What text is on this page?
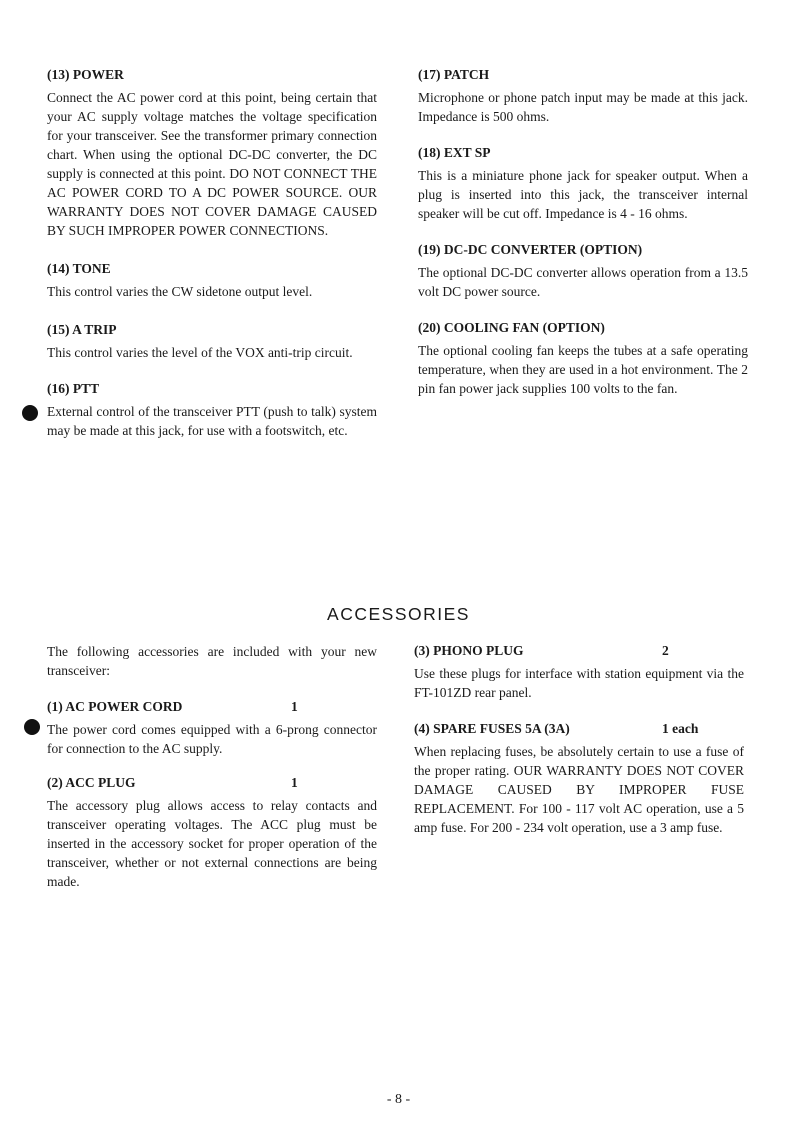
(13) POWER

Connect the AC power cord at this point, being certain that your AC supply voltage matches the voltage specification for your transceiver. See the transformer primary connection chart. When using the optional DC-DC converter, the DC supply is connected at this point. DO NOT CONNECT THE AC POWER CORD TO A DC POWER SOURCE. OUR WARRANTY DOES NOT COVER DAMAGE CAUSED BY SUCH IMPROPER POWER CONNECTIONS.

(14) TONE

This control varies the CW sidetone output level.

(15) A TRIP

This control varies the level of the VOX anti-trip circuit.

(16) PTT

External control of the transceiver PTT (push to talk) system may be made at this jack, for use with a footswitch, etc.

(17) PATCH

Microphone or phone patch input may be made at this jack. Impedance is 500 ohms.

(18) EXT SP

This is a miniature phone jack for speaker output. When a plug is inserted into this jack, the transceiver internal speaker will be cut off. Impedance is 4 - 16 ohms.

(19) DC-DC CONVERTER (OPTION)

The optional DC-DC converter allows operation from a 13.5 volt DC power source.

(20) COOLING FAN (OPTION)

The optional cooling fan keeps the tubes at a safe operating temperature, when they are used in a hot environment. The 2 pin fan power jack supplies 100 volts to the fan.

ACCESSORIES

The following accessories are included with your new transceiver:

(1) AC POWER CORD	1

The power cord comes equipped with a 6-prong connector for connection to the AC supply.

(2) ACC PLUG	1

The accessory plug allows access to relay contacts and transceiver operating voltages. The ACC plug must be inserted in the accessory socket for proper operation of the transceiver, whether or not external connections are being made.

(3) PHONO PLUG	2

Use these plugs for interface with station equipment via the FT-101ZD rear panel.

(4) SPARE FUSES 5A (3A)	1 each

When replacing fuses, be absolutely certain to use a fuse of the proper rating. OUR WARRANTY DOES NOT COVER DAMAGE CAUSED BY IMPROPER FUSE REPLACEMENT. For 100 - 117 volt AC operation, use a 5 amp fuse. For 200 - 234 volt operation, use a 3 amp fuse.

- 8 -
